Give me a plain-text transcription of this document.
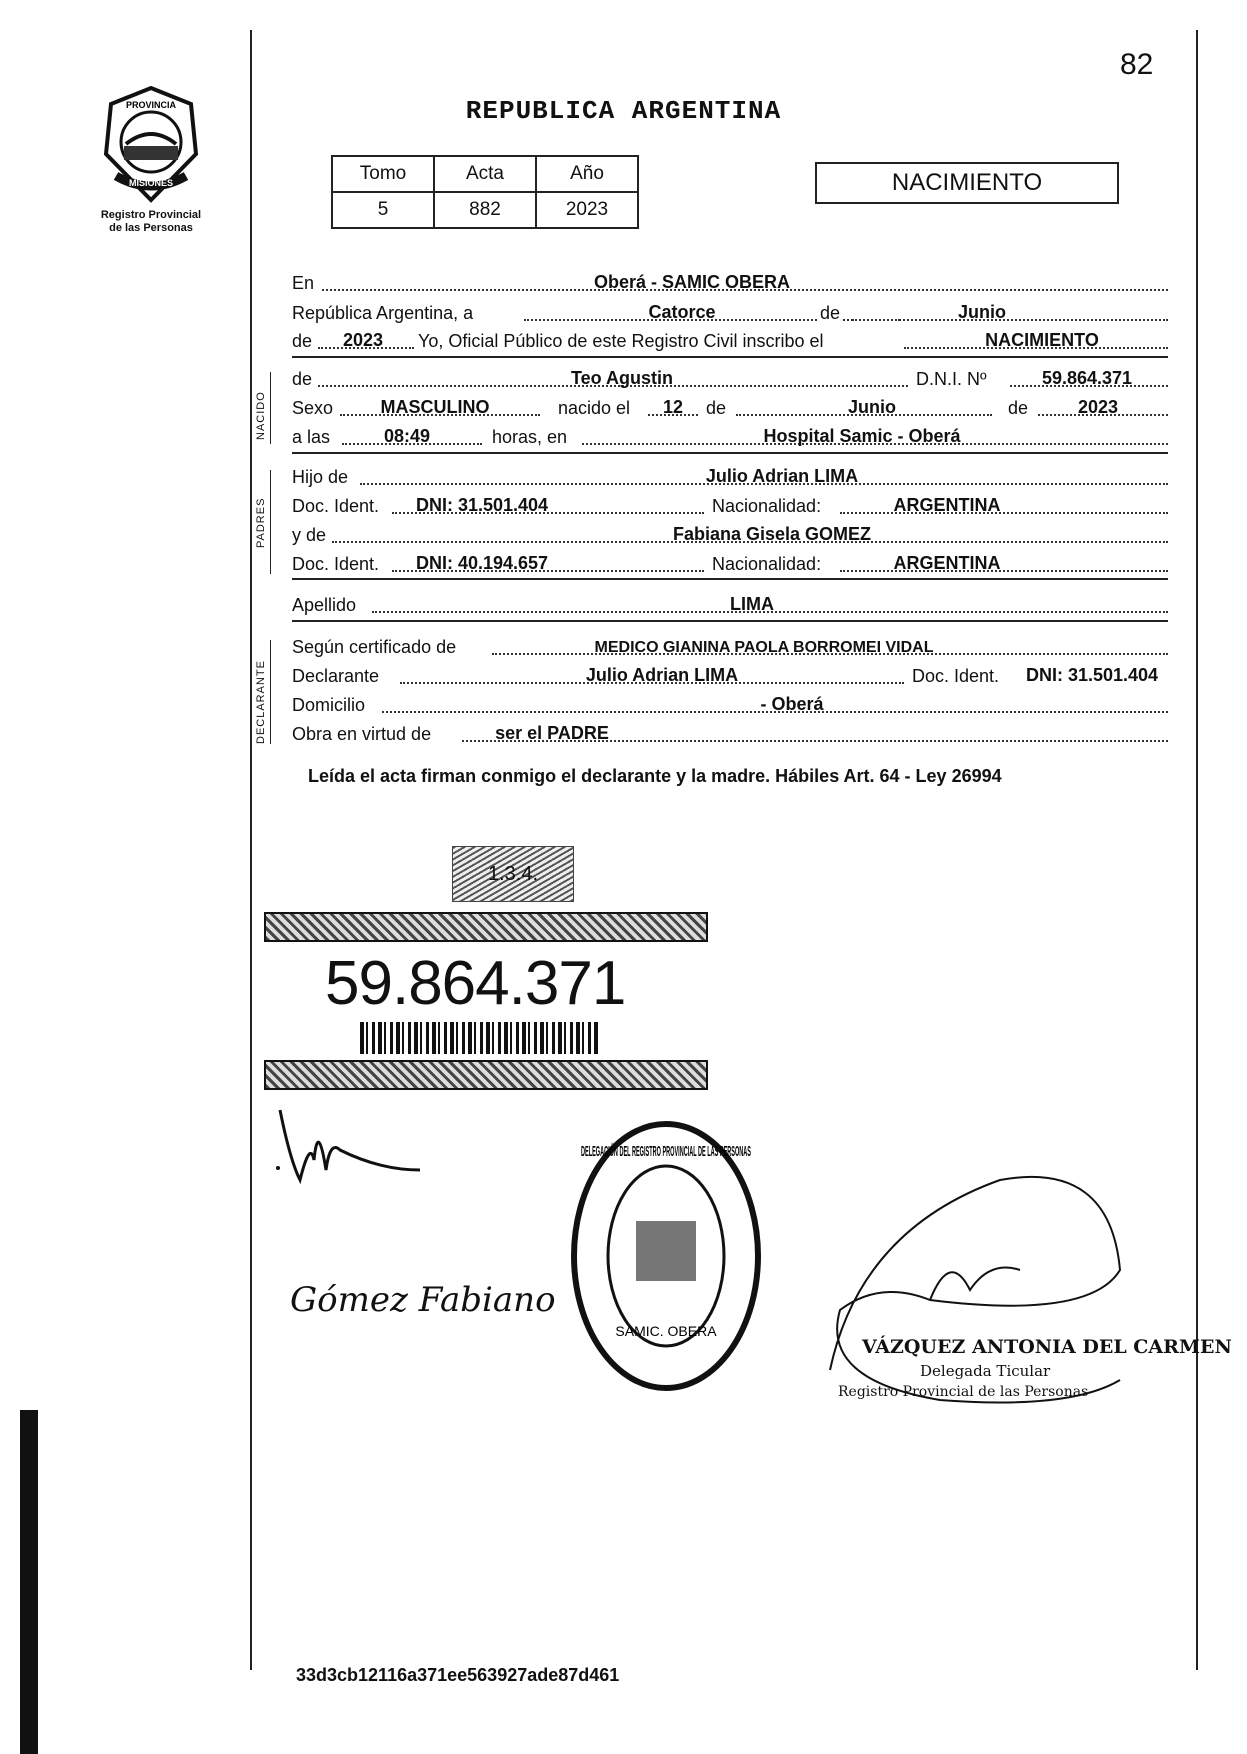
PROVINCIA
MISIONES
Registro Provincial
de las Personas
82
REPUBLICA ARGENTINA
Tomo	Acta	Año
5	882	2023
NACIMIENTO
En	Oberá - SAMIC OBERA
República Argentina, a	Catorce	de	Junio
de	2023	Yo, Oficial Público de este Registro Civil inscribo el	NACIMIENTO
NACIDO
de	Teo Agustin	D.N.I. Nº	59.864.371
Sexo	MASCULINO	nacido el	12	de	Junio	de	2023
a las	08:49	horas, en	Hospital Samic - Oberá
PADRES
Hijo de	Julio Adrian LIMA
Doc. Ident.	DNI: 31.501.404	Nacionalidad:	ARGENTINA
y de	Fabiana Gisela GOMEZ
Doc. Ident.	DNI: 40.194.657	Nacionalidad:	ARGENTINA
Apellido	LIMA
DECLARANTE
Según certificado de	MEDICO GIANINA PAOLA BORROMEI VIDAL
Declarante	Julio Adrian LIMA	Doc. Ident.	DNI: 31.501.404
Domicilio	- Oberá
Obra en virtud de	ser el PADRE
Leída el acta firman conmigo el declarante y la madre. Hábiles Art. 64 - Ley 26994
1.3.4.
59.864.371
Gómez Fabiano
DELEGACIÓN DEL REGISTRO PROVINCIAL DE LAS PERSONAS
SAMIC. OBERA
VÁZQUEZ ANTONIA DEL CARMEN
Delegada Ticular
Registro Provincial de las Personas
33d3cb12116a371ee563927ade87d461
